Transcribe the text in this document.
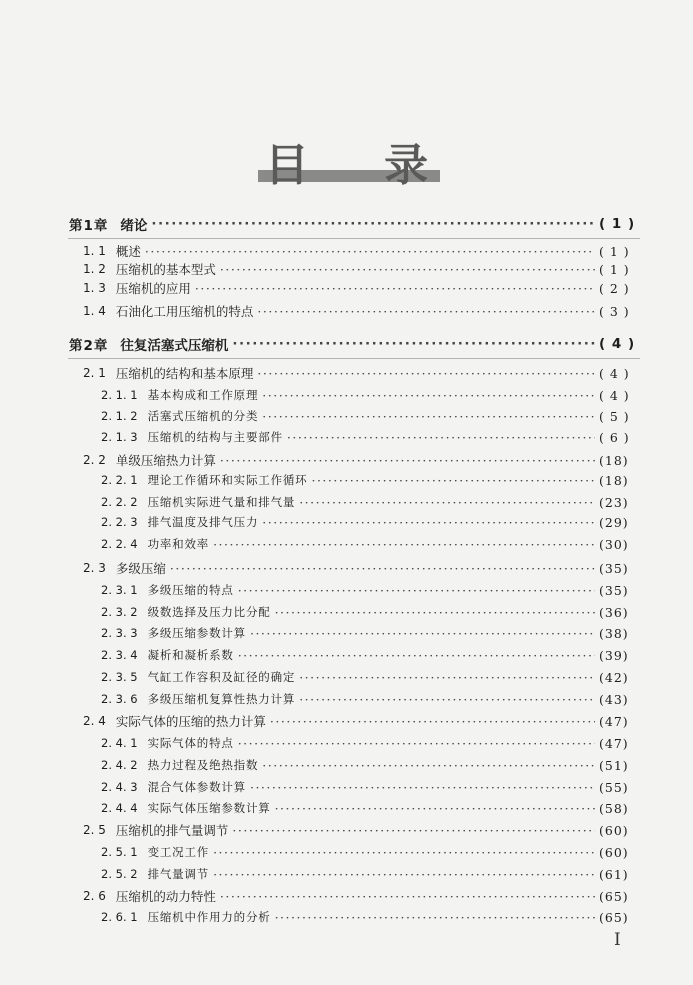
目 录
第1章 绪论 ·····	( 1 )
1. 1 概述 ·····	( 1 )
1. 2 压缩机的基本型式 ·····	( 1 )
1. 3 压缩机的应用 ·····	( 2 )
1. 4 石油化工用压缩机的特点 ·····	( 3 )
第2章 往复活塞式压缩机 ·····	( 4 )
2. 1 压缩机的结构和基本原理 ·····	( 4 )
2. 1. 1 基本构成和工作原理 ·····	( 4 )
2. 1. 2 活塞式压缩机的分类 ·····	( 5 )
2. 1. 3 压缩机的结构与主要部件 ·····	( 6 )
2. 2 单级压缩热力计算 ·····	(18)
2. 2. 1 理论工作循环和实际工作循环 ·····	(18)
2. 2. 2 压缩机实际进气量和排气量 ·····	(23)
2. 2. 3 排气温度及排气压力 ·····	(29)
2. 2. 4 功率和效率 ·····	(30)
2. 3 多级压缩 ·····	(35)
2. 3. 1 多级压缩的特点 ·····	(35)
2. 3. 2 级数选择及压力比分配 ·····	(36)
2. 3. 3 多级压缩参数计算 ·····	(38)
2. 3. 4 凝析和凝析系数 ·····	(39)
2. 3. 5 气缸工作容积及缸径的确定 ·····	(42)
2. 3. 6 多级压缩机复算性热力计算 ·····	(43)
2. 4 实际气体的压缩的热力计算 ·····	(47)
2. 4. 1 实际气体的特点 ·····	(47)
2. 4. 2 热力过程及绝热指数 ·····	(51)
2. 4. 3 混合气体参数计算 ·····	(55)
2. 4. 4 实际气体压缩参数计算 ·····	(58)
2. 5 压缩机的排气量调节 ·····	(60)
2. 5. 1 变工况工作 ·····	(60)
2. 5. 2 排气量调节 ·····	(61)
2. 6 压缩机的动力特性 ·····	(65)
2. 6. 1 压缩机中作用力的分析 ·····	(65)
I
